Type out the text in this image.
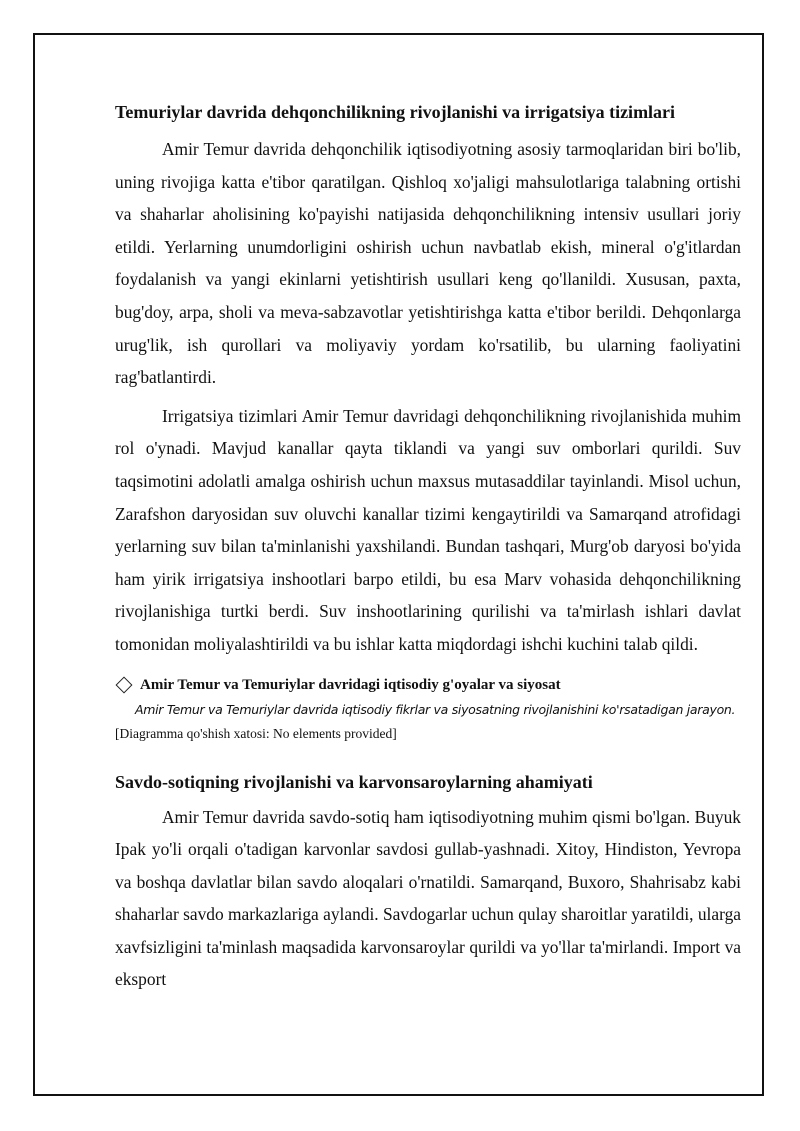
Temuriylar davrida dehqonchilikning rivojlanishi va irrigatsiya tizimlari

Amir Temur davrida dehqonchilik iqtisodiyotning asosiy tarmoqlaridan biri bo'lib, uning rivojiga katta e'tibor qaratilgan. Qishloq xo'jaligi mahsulotlariga talabning ortishi va shaharlar aholisining ko'payishi natijasida dehqonchilikning intensiv usullari joriy etildi. Yerlarning unumdorligini oshirish uchun navbatlab ekish, mineral o'g'itlardan foydalanish va yangi ekinlarni yetishtirish usullari keng qo'llanildi. Xususan, paxta, bug'doy, arpa, sholi va meva-sabzavotlar yetishtirishga katta e'tibor berildi. Dehqonlarga urug'lik, ish qurollari va moliyaviy yordam ko'rsatilib, bu ularning faoliyatini rag'batlantirdi.

Irrigatsiya tizimlari Amir Temur davridagi dehqonchilikning rivojlanishida muhim rol o'ynadi. Mavjud kanallar qayta tiklandi va yangi suv omborlari qurildi. Suv taqsimotini adolatli amalga oshirish uchun maxsus mutasaddilar tayinlandi. Misol uchun, Zarafshon daryosidan suv oluvchi kanallar tizimi kengaytirildi va Samarqand atrofidagi yerlarning suv bilan ta'minlanishi yaxshilandi. Bundan tashqari, Murg'ob daryosi bo'yida ham yirik irrigatsiya inshootlari barpo etildi, bu esa Marv vohasida dehqonchilikning rivojlanishiga turtki berdi. Suv inshootlarining qurilishi va ta'mirlash ishlari davlat tomonidan moliyalashtirildi va bu ishlar katta miqdordagi ishchi kuchini talab qildi.

Amir Temur va Temuriylar davridagi iqtisodiy g'oyalar va siyosat
Amir Temur va Temuriylar davrida iqtisodiy fikrlar va siyosatning rivojlanishini ko'rsatadigan jarayon.
[Diagramma qo'shish xatosi: No elements provided]
Savdo-sotiqning rivojlanishi va karvonsaroylarning ahamiyati

Amir Temur davrida savdo-sotiq ham iqtisodiyotning muhim qismi bo'lgan. Buyuk Ipak yo'li orqali o'tadigan karvonlar savdosi gullab-yashnadi. Xitoy, Hindiston, Yevropa va boshqa davlatlar bilan savdo aloqalari o'rnatildi. Samarqand, Buxoro, Shahrisabz kabi shaharlar savdo markazlariga aylandi. Savdogarlar uchun qulay sharoitlar yaratildi, ularga xavfsizligini ta'minlash maqsadida karvonsaroylar qurildi va yo'llar ta'mirlandi. Import va eksport
